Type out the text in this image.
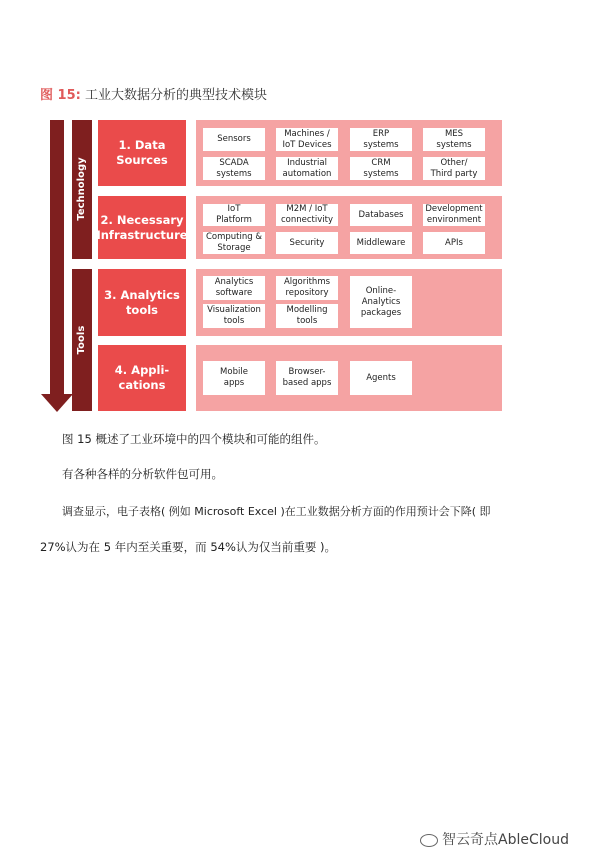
图 15: 工业大数据分析的典型技术模块
Technology
Tools
1. Data
Sources
2. Necessary
Infrastructure
3. Analytics
tools
4. Appli-
cations
Sensors
Machines /
IoT Devices
ERP
systems
MES
systems
SCADA
systems
Industrial
automation
CRM
systems
Other/
Third party
IoT
Platform
M2M / IoT
connectivity
Databases
Development
environment
Computing &
Storage
Security	Middleware	APIs
Analytics
software
Algorithms
repository	Online-
Analytics
packages
Visualization
tools
Modelling
tools
Mobile
apps
Browser-
based apps
Agents
图 15 概述了工业环境中的四个模块和可能的组件。
有各种各样的分析软件包可用。
调查显示，电子表格( 例如 Microsoft Excel )在工业数据分析方面的作用预计会下降( 即
27%认为在 5 年内至关重要，而 54%认为仅当前重要 )。
智云奇点AbleCloud
